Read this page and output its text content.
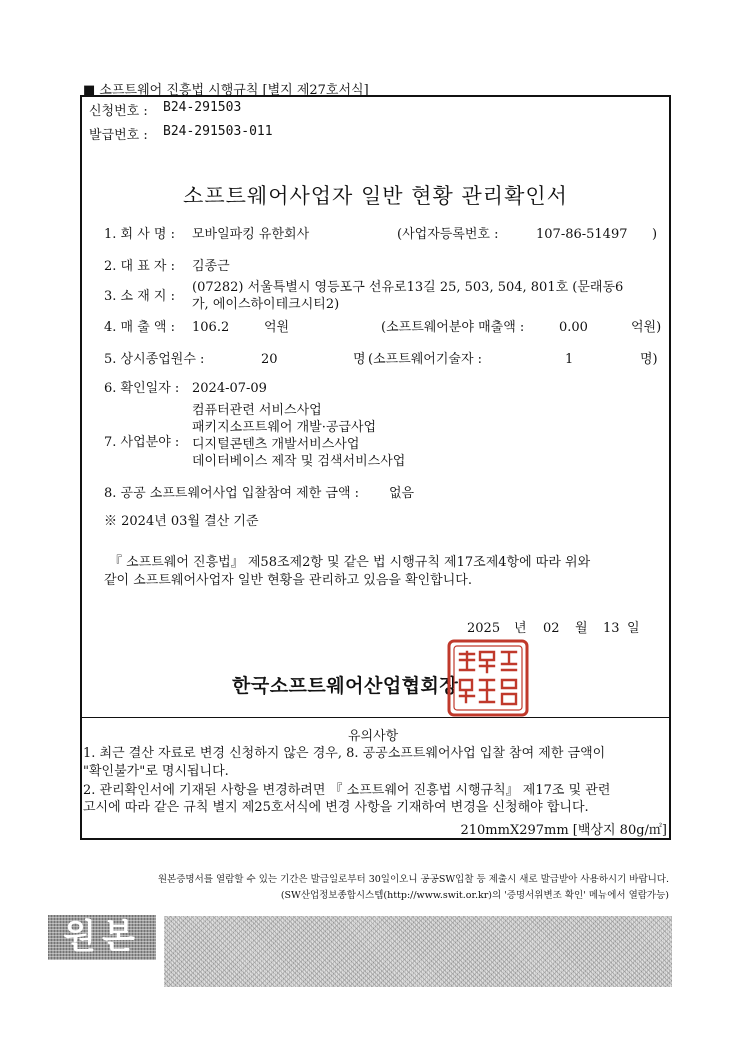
■ 소프트웨어 진흥법 시행규칙 [별지 제27호서식]
신청번호 : B24-291503
발급번호 : B24-291503-011
소프트웨어사업자 일반 현황 관리확인서
1. 회 사 명 : 모바일파킹 유한회사	(사업자등록번호 :	107-86-51497 )
2. 대 표 자 : 김종근
3. 소 재 지 :
(07282) 서울특별시 영등포구 선유로13길 25, 503, 504, 801호 (문래동6
가, 에이스하이테크시티2)
4. 매 출 액 : 106.2	억원	(소프트웨어분야 매출액 :	0.00	억원)
5. 상시종업원수 :	20	명 (소프트웨어기술자 :	1	명)
6. 확인일자 : 2024-07-09
7. 사업분야 :
컴퓨터관련 서비스사업
패키지소프트웨어 개발·공급사업
디지털콘텐츠 개발서비스사업
데이터베이스 제작 및 검색서비스사업
8. 공공 소프트웨어사업 입찰참여 제한 금액 : 없음
※ 2024년 03월 결산 기준
『 소프트웨어 진흥법』 제58조제2항 및 같은 법 시행규칙 제17조제4항에 따라 위와
같이 소프트웨어사업자 일반 현황을 관리하고 있음을 확인합니다.
2025 년 02 월 13 일
한국소프트웨어산업협회장
유의사항
1. 최근 결산 자료로 변경 신청하지 않은 경우, 8. 공공소프트웨어사업 입찰 참여 제한 금액이
"확인불가"로 명시됩니다.
2. 관리확인서에 기재된 사항을 변경하려면 『 소프트웨어 진흥법 시행규칙』 제17조 및 관련
고시에 따라 같은 규칙 별지 제25호서식에 변경 사항을 기재하여 변경을 신청해야 합니다.
210mmX297mm [백상지 80g/㎡]
원본증명서를 열람할 수 있는 기간은 발급일로부터 30일이오니 공공SW입찰 등 제출시 새로 발급받아 사용하시기 바랍니다.
(SW산업정보종합시스템(http://www.swit.or.kr)의 '증명서위변조 확인' 메뉴에서 열람가능)
원본
